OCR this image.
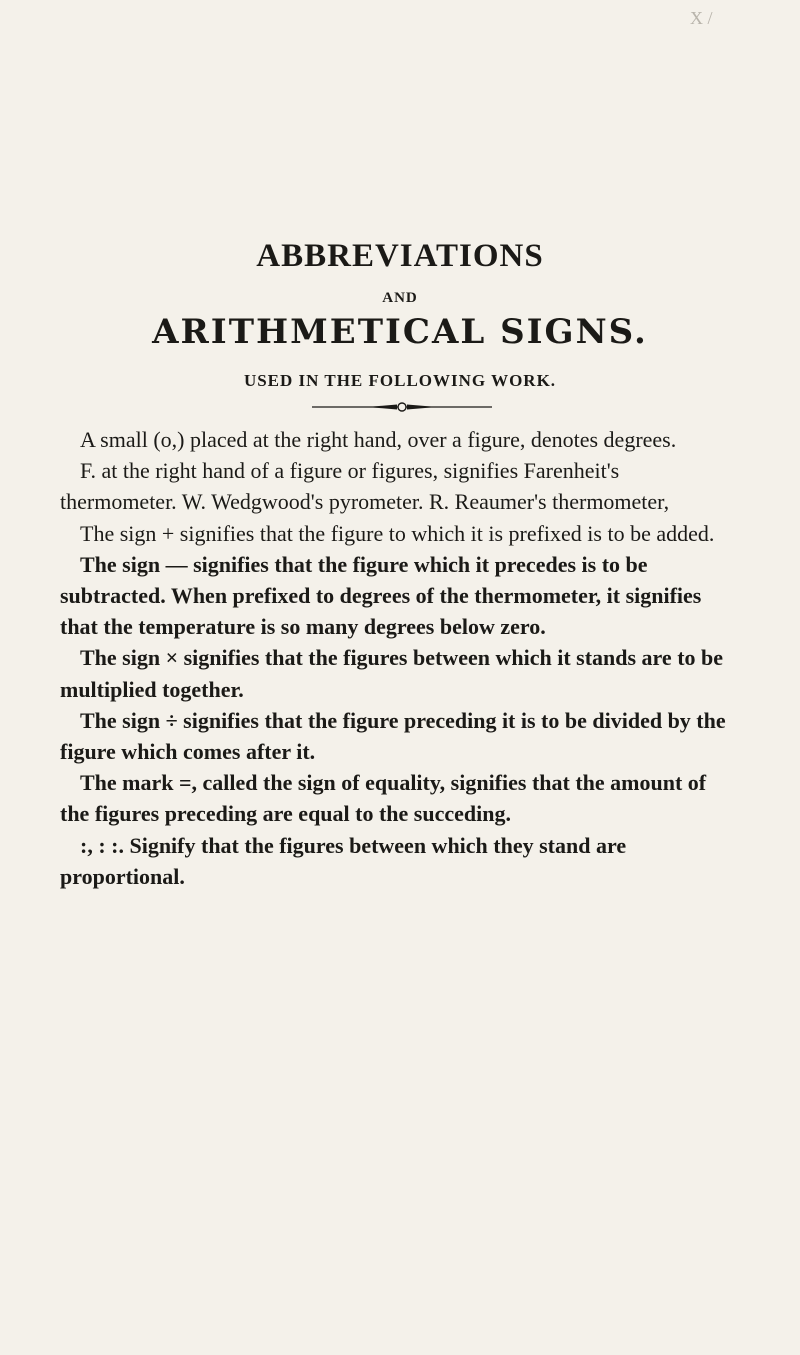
X /
ABBREVIATIONS
AND
ARITHMETICAL SIGNS.
USED IN THE FOLLOWING WORK.

A small (o,) placed at the right hand, over a figure, denotes degrees.

F. at the right hand of a figure or figures, signifies Farenheit's thermometer. W. Wedgwood's pyrometer. R. Reaumer's thermometer,

The sign + signifies that the figure to which it is prefixed is to be added.

The sign — signifies that the figure which it precedes is to be subtracted. When prefixed to degrees of the thermometer, it signifies that the temperature is so many degrees below zero.

The sign × signifies that the figures between which it stands are to be multiplied together.

The sign ÷ signifies that the figure preceding it is to be divided by the figure which comes after it.

The mark =, called the sign of equality, signifies that the amount of the figures preceding are equal to the succeding.

:, : :. Signify that the figures between which they stand are proportional.
